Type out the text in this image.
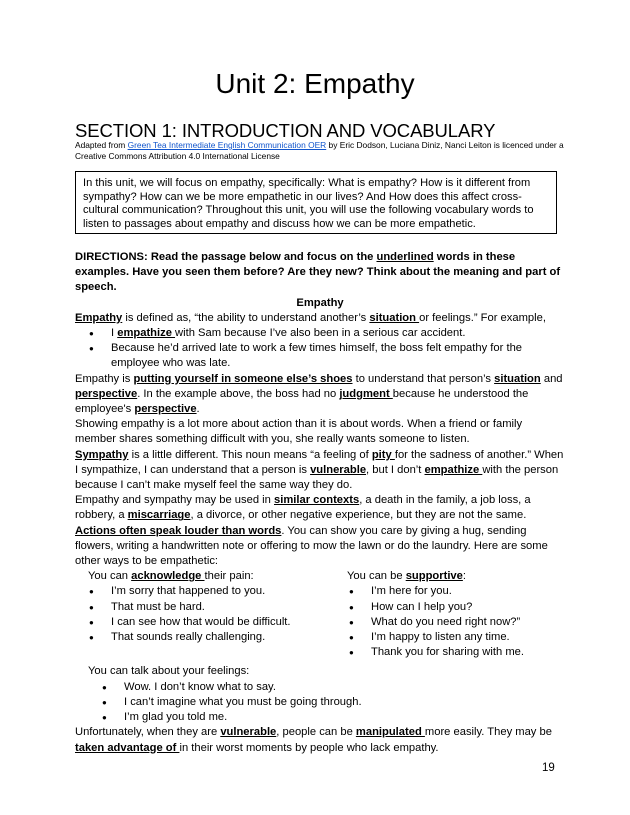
Unit 2: Empathy
SECTION 1: INTRODUCTION AND VOCABULARY
Adapted from Green Tea Intermediate English Communication OER by Eric Dodson, Luciana Diniz, Nanci Leiton is licenced under a Creative Commons Attribution 4.0 International License
In this unit, we will focus on empathy, specifically: What is empathy? How is it different from sympathy? How can we be more empathetic in our lives? And How does this affect cross-cultural communication? Throughout this unit, you will use the following vocabulary words to listen to passages about empathy and discuss how we can be more empathetic.

DIRECTIONS: Read the passage below and focus on the underlined words in these examples. Have you seen them before? Are they new? Think about the meaning and part of speech.

Empathy

Empathy is defined as, “the ability to understand another’s situation or feelings.” For example,

● I empathize with Sam because I’ve also been in a serious car accident.
● Because he’d arrived late to work a few times himself, the boss felt empathy for the employee who was late.

Empathy is putting yourself in someone else’s shoes to understand that person’s situation and perspective. In the example above, the boss had no judgment because he understood the employee's perspective.

Showing empathy is a lot more about action than it is about words. When a friend or family member shares something difficult with you, she really wants someone to listen.

Sympathy is a little different. This noun means “a feeling of pity for the sadness of another.” When I sympathize, I can understand that a person is vulnerable, but I don’t empathize with the person because I can’t make myself feel the same way they do.

Empathy and sympathy may be used in similar contexts, a death in the family, a job loss, a robbery, a miscarriage, a divorce, or other negative experience, but they are not the same.

Actions often speak louder than words. You can show you care by giving a hug, sending flowers, writing a handwritten note or offering to mow the lawn or do the laundry. Here are some other ways to be empathetic:

You can acknowledge their pain:

● I’m sorry that happened to you.
● That must be hard.
● I can see how that would be difficult.
● That sounds really challenging.

You can be supportive:

● I’m here for you.
● How can I help you?
● What do you need right now?”
● I’m happy to listen any time.
● Thank you for sharing with me.

You can talk about your feelings:

● Wow. I don’t know what to say.
● I can’t imagine what you must be going through.
● I’m glad you told me.

Unfortunately, when they are vulnerable, people can be manipulated more easily. They may be taken advantage of in their worst moments by people who lack empathy.

19
